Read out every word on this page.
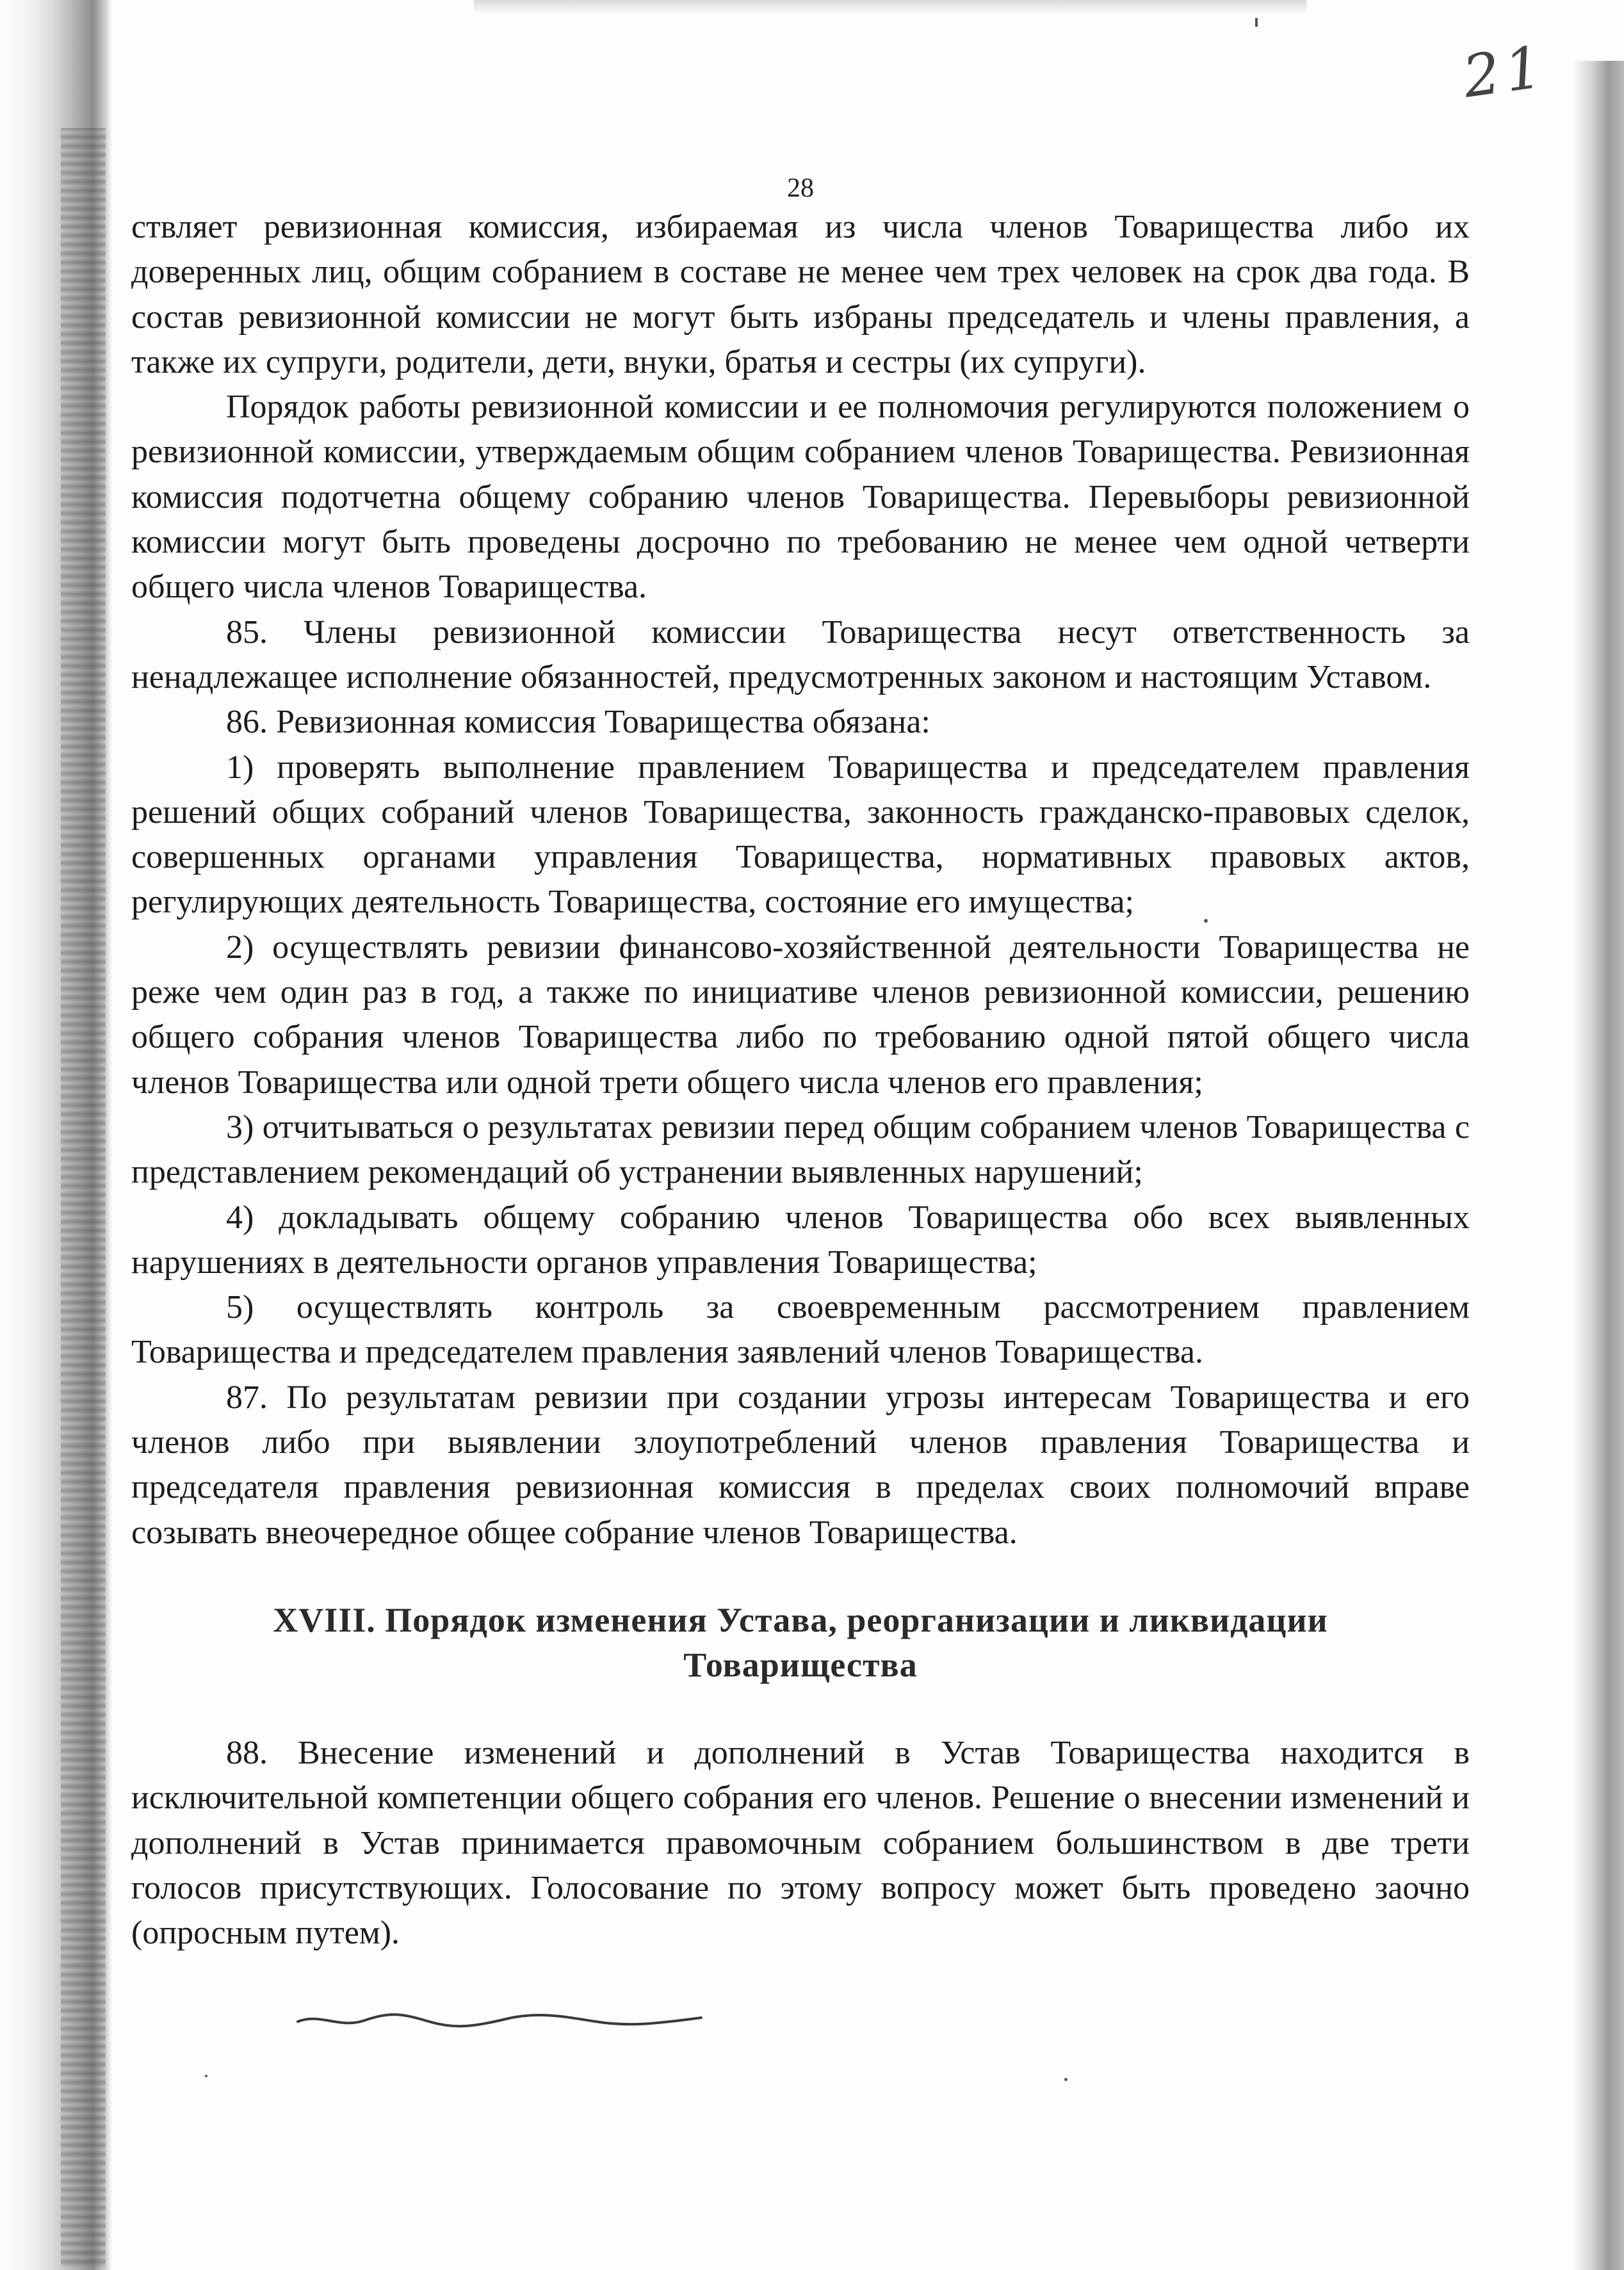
21
28

ствляет ревизионная комиссия, избираемая из числа членов Товарищества либо их доверенных лиц, общим собранием в составе не менее чем трех человек на срок два года. В состав ревизионной комиссии не могут быть избраны председатель и члены правления, а также их супруги, родители, дети, внуки, братья и сестры (их супруги).

Порядок работы ревизионной комиссии и ее полномочия регулируются положением о ревизионной комиссии, утверждаемым общим собранием членов Товарищества. Ревизионная комиссия подотчетна общему собранию членов Товарищества. Перевыборы ревизионной комиссии могут быть проведены досрочно по требованию не менее чем одной четверти общего числа членов Товарищества.

85. Члены ревизионной комиссии Товарищества несут ответственность за ненадлежащее исполнение обязанностей, предусмотренных законом и настоящим Уставом.

86. Ревизионная комиссия Товарищества обязана:

1) проверять выполнение правлением Товарищества и председателем правления решений общих собраний членов Товарищества, законность гражданско-правовых сделок, совершенных органами управления Товарищества, нормативных правовых актов, регулирующих деятельность Товарищества, состояние его имущества;

2) осуществлять ревизии финансово-хозяйственной деятельности Товарищества не реже чем один раз в год, а также по инициативе членов ревизионной комиссии, решению общего собрания членов Товарищества либо по требованию одной пятой общего числа членов Товарищества или одной трети общего числа членов его правления;

3) отчитываться о результатах ревизии перед общим собранием членов Товарищества с представлением рекомендаций об устранении выявленных нарушений;

4) докладывать общему собранию членов Товарищества обо всех выявленных нарушениях в деятельности органов управления Товарищества;

5) осуществлять контроль за своевременным рассмотрением правлением Товарищества и председателем правления заявлений членов Товарищества.

87. По результатам ревизии при создании угрозы интересам Товарищества и его членов либо при выявлении злоупотреблений членов правления Товарищества и председателя правления ревизионная комиссия в пределах своих полномочий вправе созывать внеочередное общее собрание членов Товарищества.

XVIII. Порядок изменения Устава, реорганизации и ликвидации
Товарищества

88. Внесение изменений и дополнений в Устав Товарищества находится в исключительной компетенции общего собрания его членов. Решение о внесении изменений и дополнений в Устав принимается правомочным собранием большинством в две трети голосов присутствующих. Голосование по этому вопросу может быть проведено заочно (опросным путем).
